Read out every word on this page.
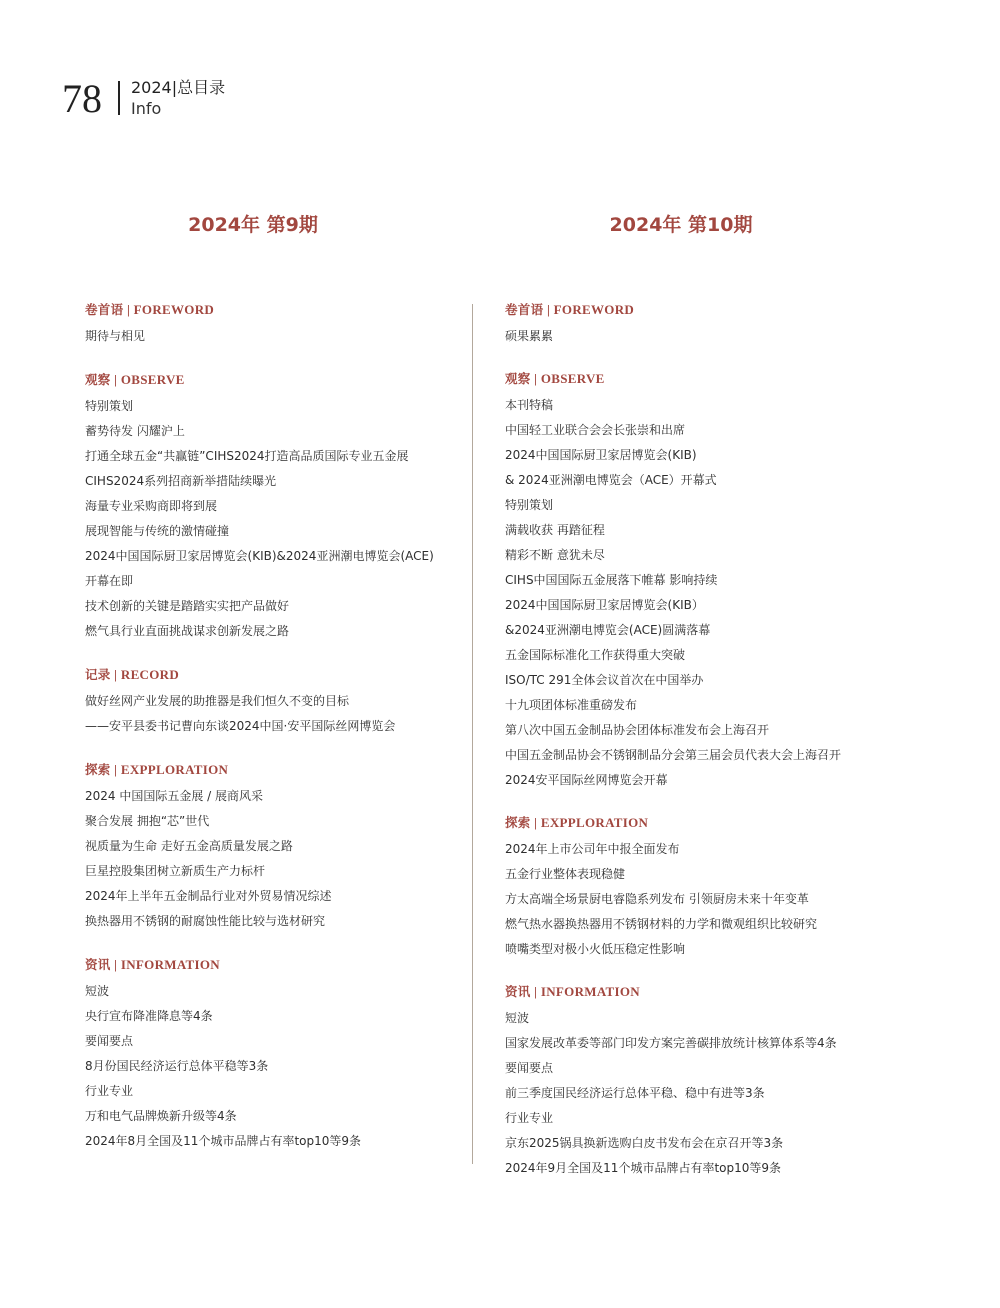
78 2024|总目录
Info
2024年 第9期	2024年 第10期
卷首语 | FOREWORD
期待与相见
观察 | OBSERVE
特别策划
蓄势待发 闪耀沪上
打通全球五金“共赢链”CIHS2024打造高品质国际专业五金展
CIHS2024系列招商新举措陆续曝光
海量专业采购商即将到展
展现智能与传统的激情碰撞
2024中国国际厨卫家居博览会(KIB)&2024亚洲潮电博览会(ACE)
开幕在即
技术创新的关键是踏踏实实把产品做好
燃气具行业直面挑战谋求创新发展之路
记录 | RECORD
做好丝网产业发展的助推器是我们恒久不变的目标
——安平县委书记曹向东谈2024中国·安平国际丝网博览会
探索 | EXPPLORATION
2024 中国国际五金展 / 展商风采
聚合发展 拥抱“芯”世代
视质量为生命 走好五金高质量发展之路
巨星控股集团树立新质生产力标杆
2024年上半年五金制品行业对外贸易情况综述
换热器用不锈钢的耐腐蚀性能比较与选材研究
资讯 | INFORMATION
短波
央行宣布降准降息等4条
要闻要点
8月份国民经济运行总体平稳等3条
行业专业
万和电气品牌焕新升级等4条
2024年8月全国及11个城市品牌占有率top10等9条
卷首语 | FOREWORD
硕果累累
观察 | OBSERVE
本刊特稿
中国轻工业联合会会长张崇和出席
2024中国国际厨卫家居博览会(KIB)
& 2024亚洲潮电博览会（ACE）开幕式
特别策划
满载收获 再踏征程
精彩不断 意犹未尽
CIHS中国国际五金展落下帷幕 影响持续
2024中国国际厨卫家居博览会(KIB）
&2024亚洲潮电博览会(ACE)圆满落幕
五金国际标准化工作获得重大突破
ISO/TC 291全体会议首次在中国举办
十九项团体标准重磅发布
第八次中国五金制品协会团体标准发布会上海召开
中国五金制品协会不锈钢制品分会第三届会员代表大会上海召开
2024安平国际丝网博览会开幕
探索 | EXPPLORATION
2024年上市公司年中报全面发布
五金行业整体表现稳健
方太高端全场景厨电睿隐系列发布 引领厨房未来十年变革
燃气热水器换热器用不锈钢材料的力学和微观组织比较研究
喷嘴类型对极小火低压稳定性影响
资讯 | INFORMATION
短波
国家发展改革委等部门印发方案完善碳排放统计核算体系等4条
要闻要点
前三季度国民经济运行总体平稳、稳中有进等3条
行业专业
京东2025锅具换新选购白皮书发布会在京召开等3条
2024年9月全国及11个城市品牌占有率top10等9条
